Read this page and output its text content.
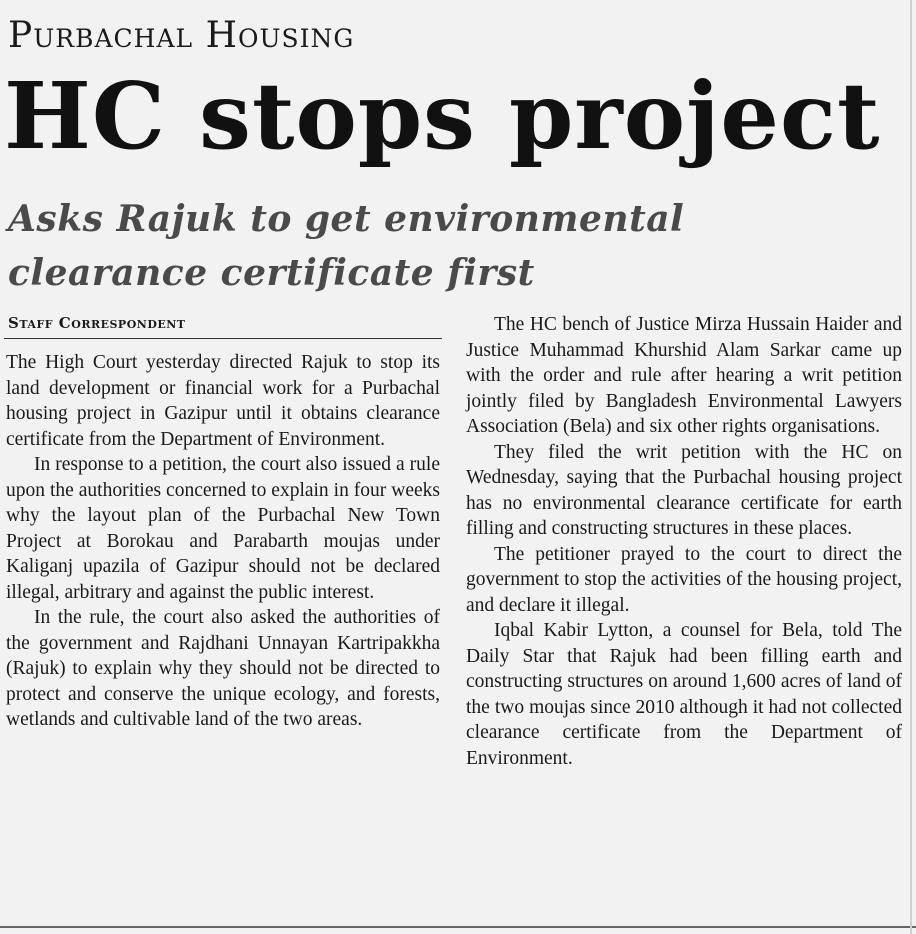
Purbachal Housing
HC stops project
Asks Rajuk to get environmental clearance certificate first
Staff Correspondent

The High Court yesterday directed Rajuk to stop its land development or financial work for a Purbachal housing project in Gazipur until it obtains clearance certificate from the Department of Environment.

In response to a petition, the court also issued a rule upon the authorities concerned to explain in four weeks why the layout plan of the Purbachal New Town Project at Borokau and Parabarth moujas under Kaliganj upazila of Gazipur should not be declared illegal, arbitrary and against the public interest.

In the rule, the court also asked the authorities of the government and Rajdhani Unnayan Kartripakkha (Rajuk) to explain why they should not be directed to protect and conserve the unique ecology, and forests, wetlands and cultivable land of the two areas.

The HC bench of Justice Mirza Hussain Haider and Justice Muhammad Khurshid Alam Sarkar came up with the order and rule after hearing a writ petition jointly filed by Bangladesh Environmental Lawyers Association (Bela) and six other rights organisations.

They filed the writ petition with the HC on Wednesday, saying that the Purbachal housing project has no environmental clearance certificate for earth filling and constructing structures in these places.

The petitioner prayed to the court to direct the government to stop the activities of the housing project, and declare it illegal.

Iqbal Kabir Lytton, a counsel for Bela, told The Daily Star that Rajuk had been filling earth and constructing structures on around 1,600 acres of land of the two moujas since 2010 although it had not collected clearance certificate from the Department of Environment.
